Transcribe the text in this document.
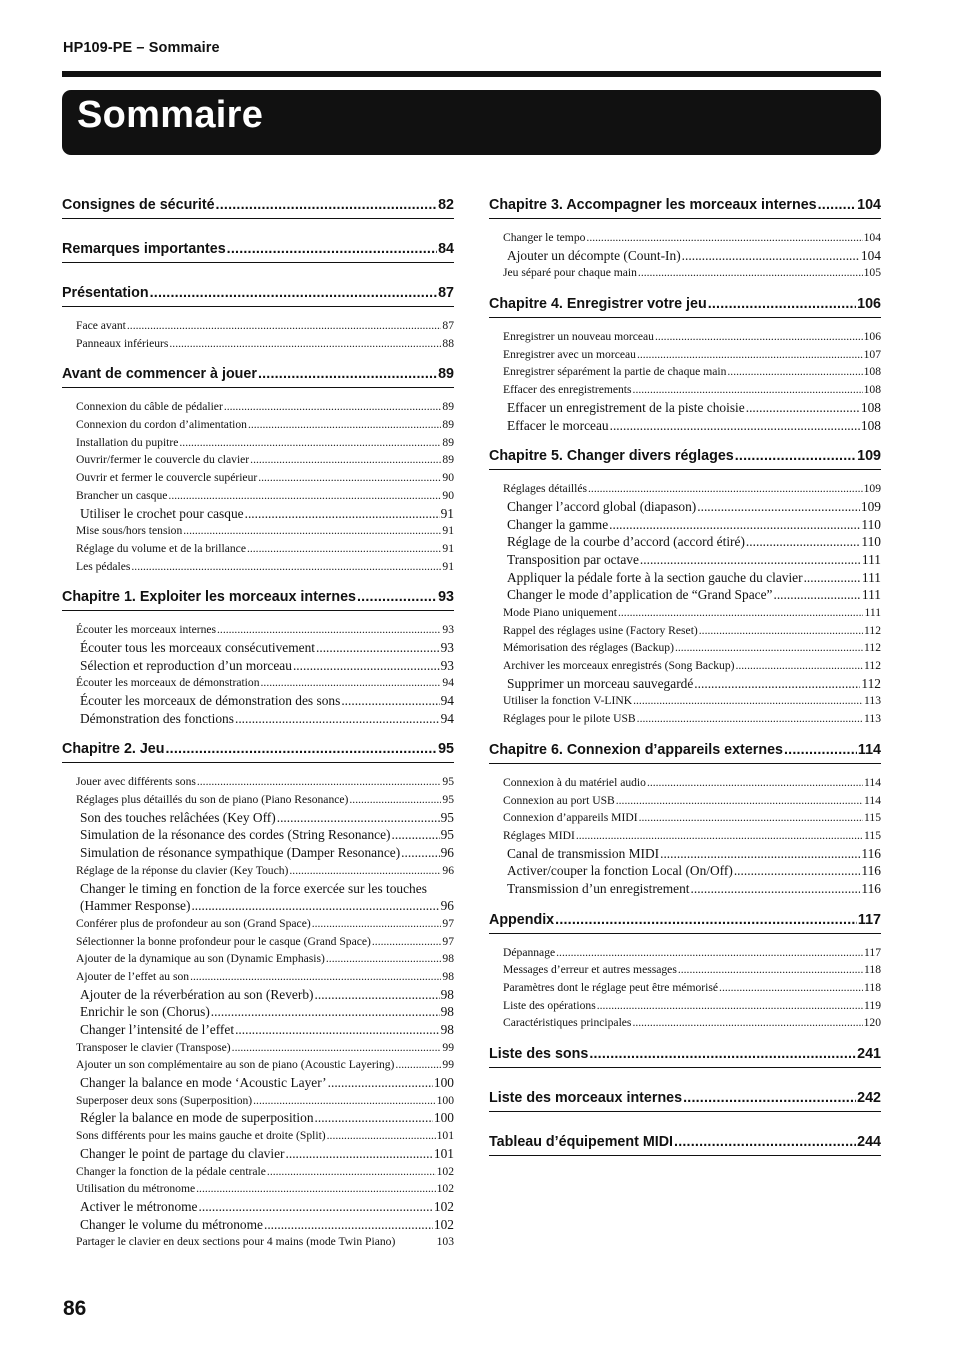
HP109-PE – Sommaire
Sommaire
Consignes de sécurité .....	82
Remarques importantes .....	84
Présentation .....	87
Face avant .....	87
Panneaux inférieurs .....	88
Avant de commencer à jouer .....	89
Connexion du câble de pédalier .....	89
Connexion du cordon d’alimentation .....	89
Installation du pupitre .....	89
Ouvrir/fermer le couvercle du clavier .....	89
Ouvrir et fermer le couvercle supérieur .....	90
Brancher un casque .....	90
Utiliser le crochet pour casque .....	91
Mise sous/hors tension .....	91
Réglage du volume et de la brillance .....	91
Les pédales .....	91
Chapitre 1. Exploiter les morceaux internes .....	93
Écouter les morceaux internes .....	93
Écouter tous les morceaux consécutivement .....	93
Sélection et reproduction d’un morceau .....	93
Écouter les morceaux de démonstration .....	94
Écouter les morceaux de démonstration des sons .....	94
Démonstration des fonctions .....	94
Chapitre 2. Jeu .....	95
Jouer avec différents sons .....	95
Réglages plus détaillés du son de piano (Piano Resonance) .....	95
Son des touches relâchées (Key Off) .....	95
Simulation de la résonance des cordes (String Resonance) .....	95
Simulation de résonance sympathique (Damper Resonance) .....	96
Réglage de la réponse du clavier (Key Touch) .....	96
Changer le timing en fonction de la force exercée sur les touches
(Hammer Response) .....	96
Conférer plus de profondeur au son (Grand Space) .....	97
Sélectionner la bonne profondeur pour le casque (Grand Space) .....	97
Ajouter de la dynamique au son (Dynamic Emphasis) .....	98
Ajouter de l’effet au son .....	98
Ajouter de la réverbération au son (Reverb) .....	98
Enrichir le son (Chorus) .....	98
Changer l’intensité de l’effet .....	98
Transposer le clavier (Transpose) .....	99
Ajouter un son complémentaire au son de piano (Acoustic Layering) .....	99
Changer la balance en mode ‘Acoustic Layer’ .....	100
Superposer deux sons (Superposition) .....	100
Régler la balance en mode de superposition .....	100
Sons différents pour les mains gauche et droite (Split) .....	101
Changer le point de partage du clavier .....	101
Changer la fonction de la pédale centrale .....	102
Utilisation du métronome .....	102
Activer le métronome .....	102
Changer le volume du métronome .....	102
Partager le clavier en deux sections pour 4 mains (mode Twin Piano)	103
Chapitre 3. Accompagner les morceaux internes .....	104
Changer le tempo .....	104
Ajouter un décompte (Count-In) .....	104
Jeu séparé pour chaque main .....	105
Chapitre 4. Enregistrer votre jeu .....	106
Enregistrer un nouveau morceau .....	106
Enregistrer avec un morceau .....	107
Enregistrer séparément la partie de chaque main .....	108
Effacer des enregistrements .....	108
Effacer un enregistrement de la piste choisie .....	108
Effacer le morceau .....	108
Chapitre 5. Changer divers réglages .....	109
Réglages détaillés .....	109
Changer l’accord global (diapason) .....	109
Changer la gamme .....	110
Réglage de la courbe d’accord (accord étiré) .....	110
Transposition par octave .....	111
Appliquer la pédale forte à la section gauche du clavier .....	111
Changer le mode d’application de “Grand Space” .....	111
Mode Piano uniquement .....	111
Rappel des réglages usine (Factory Reset) .....	112
Mémorisation des réglages (Backup) .....	112
Archiver les morceaux enregistrés (Song Backup) .....	112
Supprimer un morceau sauvegardé .....	112
Utiliser la fonction V-LINK .....	113
Réglages pour le pilote USB .....	113
Chapitre 6. Connexion d’appareils externes .....	114
Connexion à du matériel audio .....	114
Connexion au port USB .....	114
Connexion d’appareils MIDI .....	115
Réglages MIDI .....	115
Canal de transmission MIDI .....	116
Activer/couper la fonction Local (On/Off) .....	116
Transmission d’un enregistrement .....	116
Appendix .....	117
Dépannage .....	117
Messages d’erreur et autres messages .....	118
Paramètres dont le réglage peut être mémorisé .....	118
Liste des opérations .....	119
Caractéristiques principales .....	120
Liste des sons .....	241
Liste des morceaux internes .....	242
Tableau d’équipement MIDI .....	244
86
